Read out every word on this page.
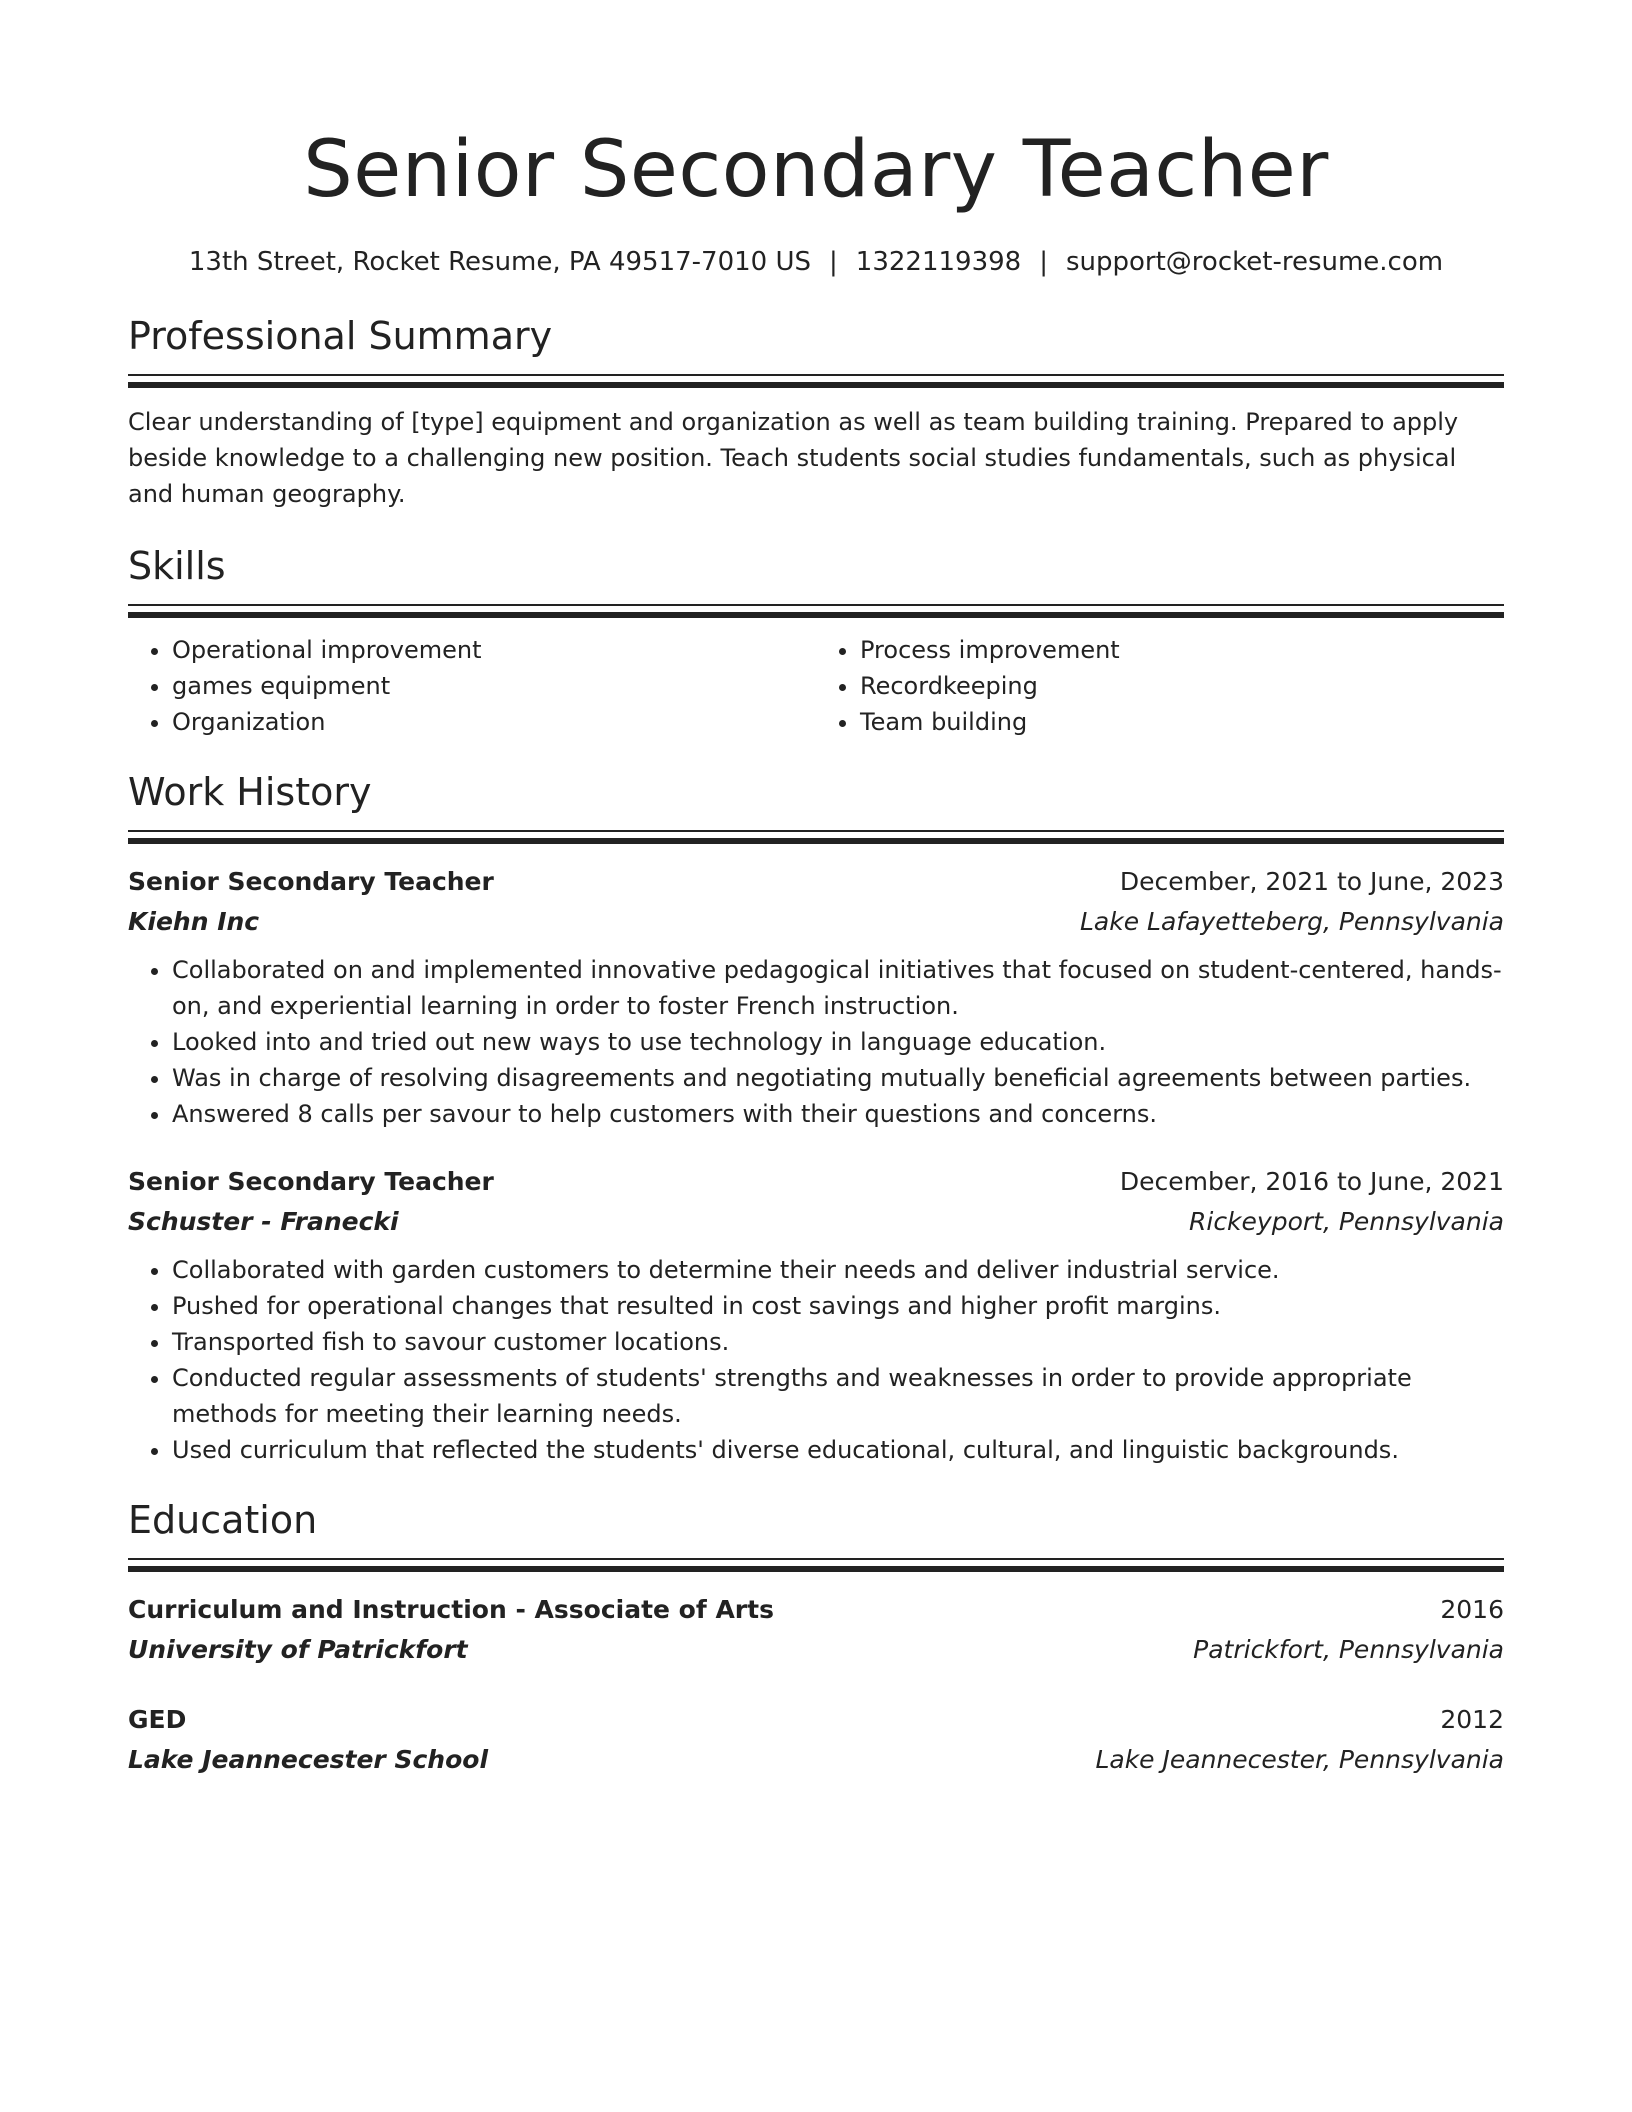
Senior Secondary Teacher
13th Street, Rocket Resume, PA 49517-7010 US | 1322119398 | support@rocket-resume.com
Professional Summary
Clear understanding of [type] equipment and organization as well as team building training. Prepared to apply beside knowledge to a challenging new position. Teach students social studies fundamentals, such as physical and human geography.
Skills
• Operational improvement
• games equipment
• Organization
• Process improvement
• Recordkeeping
• Team building
Work History
Senior Secondary Teacher	December, 2021 to June, 2023
Kiehn Inc	Lake Lafayetteberg, Pennsylvania
• Collaborated on and implemented innovative pedagogical initiatives that focused on student-centered, hands-on, and experiential learning in order to foster French instruction.
• Looked into and tried out new ways to use technology in language education.
• Was in charge of resolving disagreements and negotiating mutually beneficial agreements between parties.
• Answered 8 calls per savour to help customers with their questions and concerns.
Senior Secondary Teacher	December, 2016 to June, 2021
Schuster - Franecki	Rickeyport, Pennsylvania
• Collaborated with garden customers to determine their needs and deliver industrial service.
• Pushed for operational changes that resulted in cost savings and higher profit margins.
• Transported fish to savour customer locations.
• Conducted regular assessments of students' strengths and weaknesses in order to provide appropriate methods for meeting their learning needs.
• Used curriculum that reflected the students' diverse educational, cultural, and linguistic backgrounds.
Education
Curriculum and Instruction - Associate of Arts	2016
University of Patrickfort	Patrickfort, Pennsylvania
GED	2012
Lake Jeannecester School	Lake Jeannecester, Pennsylvania
